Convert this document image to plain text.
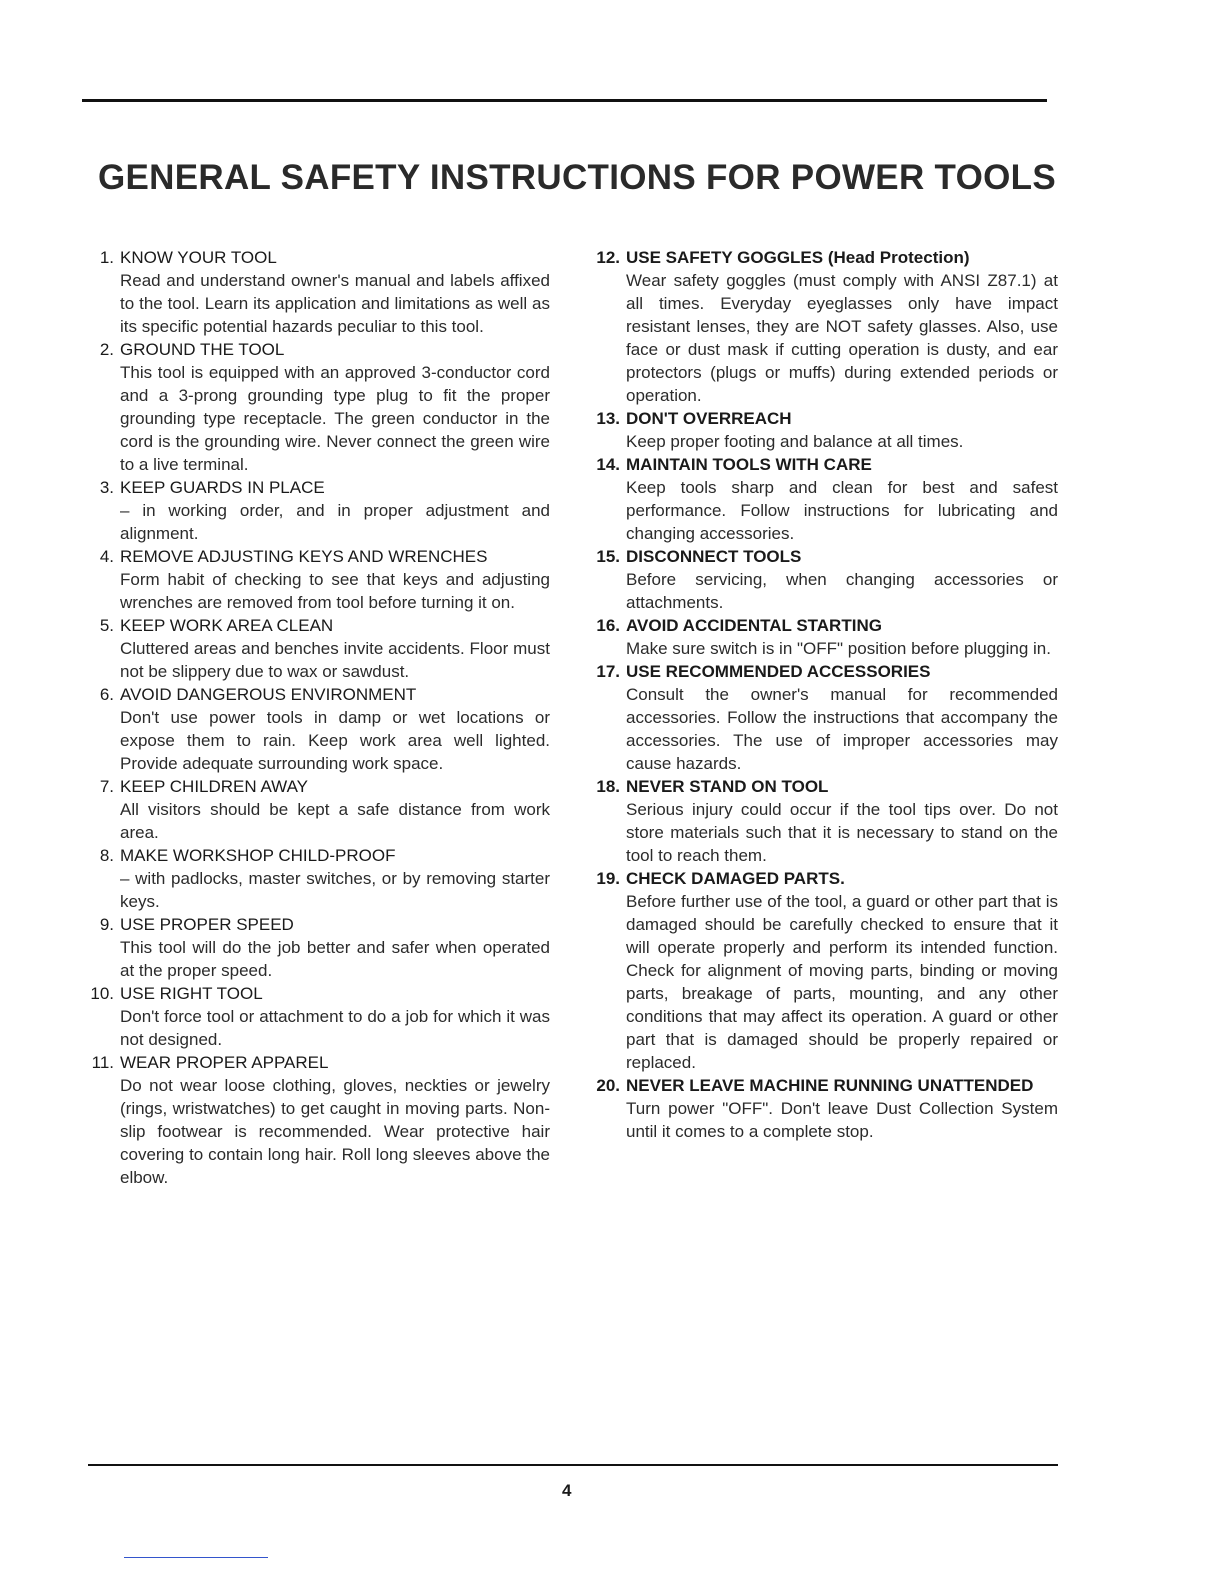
GENERAL SAFETY INSTRUCTIONS FOR POWER TOOLS
1. KNOW YOUR TOOL
Read and understand owner's manual and labels affixed to the tool. Learn its application and limitations as well as its specific potential hazards peculiar to this tool.
2. GROUND THE TOOL
This tool is equipped with an approved 3-conductor cord and a 3-prong grounding type plug to fit the proper grounding type receptacle. The green conductor in the cord is the grounding wire. Never connect the green wire to a live terminal.
3. KEEP GUARDS IN PLACE
– in working order, and in proper adjustment and alignment.
4. REMOVE ADJUSTING KEYS AND WRENCHES
Form habit of checking to see that keys and adjusting wrenches are removed from tool before turning it on.
5. KEEP WORK AREA CLEAN
Cluttered areas and benches invite accidents. Floor must not be slippery due to wax or sawdust.
6. AVOID DANGEROUS ENVIRONMENT
Don't use power tools in damp or wet locations or expose them to rain. Keep work area well lighted. Provide adequate surrounding work space.
7. KEEP CHILDREN AWAY
All visitors should be kept a safe distance from work area.
8. MAKE WORKSHOP CHILD-PROOF
– with padlocks, master switches, or by removing starter keys.
9. USE PROPER SPEED
This tool will do the job better and safer when operated at the proper speed.
10. USE RIGHT TOOL
Don't force tool or attachment to do a job for which it was not designed.
11. WEAR PROPER APPAREL
Do not wear loose clothing, gloves, neckties or jewelry (rings, wristwatches) to get caught in moving parts. Non-slip footwear is recommended. Wear protective hair covering to contain long hair. Roll long sleeves above the elbow.
12. USE SAFETY GOGGLES (Head Protection)
Wear safety goggles (must comply with ANSI Z87.1) at all times. Everyday eyeglasses only have impact resistant lenses, they are NOT safety glasses. Also, use face or dust mask if cutting operation is dusty, and ear protectors (plugs or muffs) during extended periods or operation.
13. DON'T OVERREACH
Keep proper footing and balance at all times.
14. MAINTAIN TOOLS WITH CARE
Keep tools sharp and clean for best and safest performance. Follow instructions for lubricating and changing accessories.
15. DISCONNECT TOOLS
Before servicing, when changing accessories or attachments.
16. AVOID ACCIDENTAL STARTING
Make sure switch is in "OFF" position before plugging in.
17. USE RECOMMENDED ACCESSORIES
Consult the owner's manual for recommended accessories. Follow the instructions that accompany the accessories. The use of improper accessories may cause hazards.
18. NEVER STAND ON TOOL
Serious injury could occur if the tool tips over. Do not store materials such that it is necessary to stand on the tool to reach them.
19. CHECK DAMAGED PARTS.
Before further use of the tool, a guard or other part that is damaged should be carefully checked to ensure that it will operate properly and perform its intended function. Check for alignment of moving parts, binding or moving parts, breakage of parts, mounting, and any other conditions that may affect its operation. A guard or other part that is damaged should be properly repaired or replaced.
20. NEVER LEAVE MACHINE RUNNING UNATTENDED
Turn power "OFF". Don't leave Dust Collection System until it comes to a complete stop.
4
